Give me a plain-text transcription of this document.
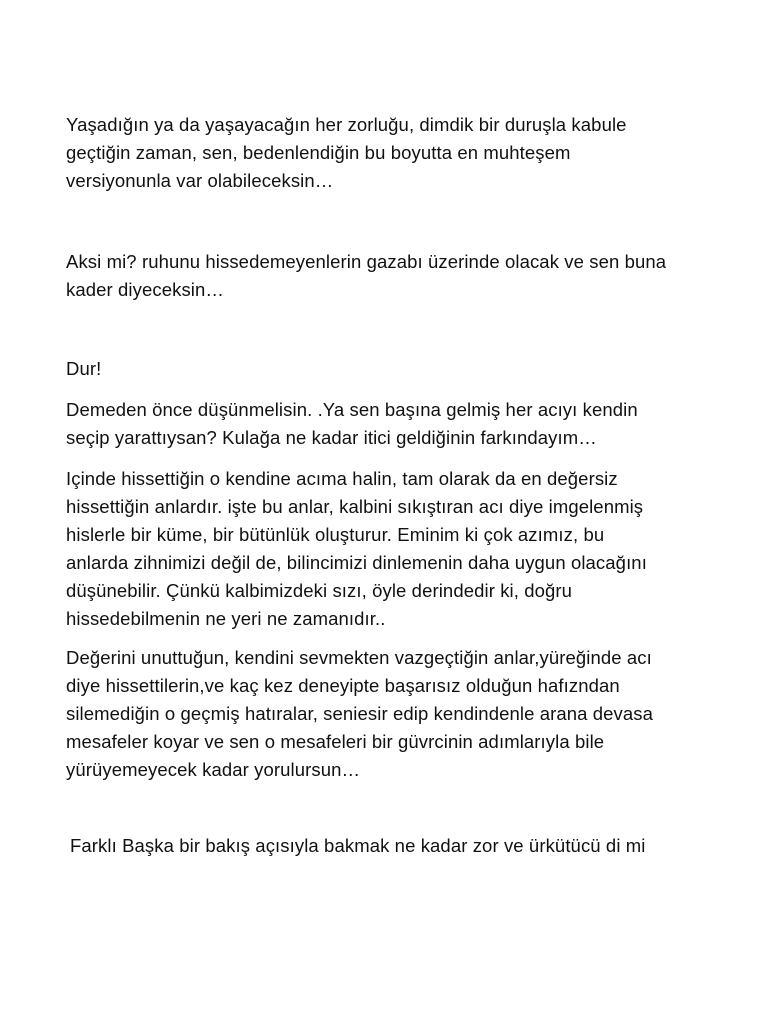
Yaşadığın ya da yaşayacağın her zorluğu, dimdik bir duruşla kabule
geçtiğin zaman, sen, bedenlendiğin bu boyutta en muhteşem
versiyonunla var olabileceksin…

Aksi mi? ruhunu hissedemeyenlerin gazabı üzerinde olacak ve sen buna
kader diyeceksin…

Dur!

Demeden önce düşünmelisin. .Ya sen başına gelmiş her acıyı kendin
seçip yarattıysan? Kulağa ne kadar itici geldiğinin farkındayım…

Içinde hissettiğin o kendine acıma halin, tam olarak da en değersiz
hissettiğin anlardır. işte bu anlar, kalbini sıkıştıran acı diye imgelenmiş
hislerle bir küme, bir bütünlük oluşturur. Eminim ki çok azımız, bu
anlarda zihnimizi değil de, bilincimizi dinlemenin daha uygun olacağını
düşünebilir. Çünkü kalbimizdeki sızı, öyle derindedir ki, doğru
hissedebilmenin ne yeri ne zamanıdır..

Değerini unuttuğun, kendini sevmekten vazgeçtiğin anlar,yüreğinde acı
diye hissettilerin,ve kaç kez deneyipte başarısız olduğun hafızndan
silemediğin o geçmiş hatıralar, seniesir edip kendindenle arana devasa
mesafeler koyar ve sen o mesafeleri bir güvrcinin adımlarıyla bile
yürüyemeyecek kadar yorulursun…

Farklı Başka bir bakış açısıyla bakmak ne kadar zor ve ürkütücü di mi
